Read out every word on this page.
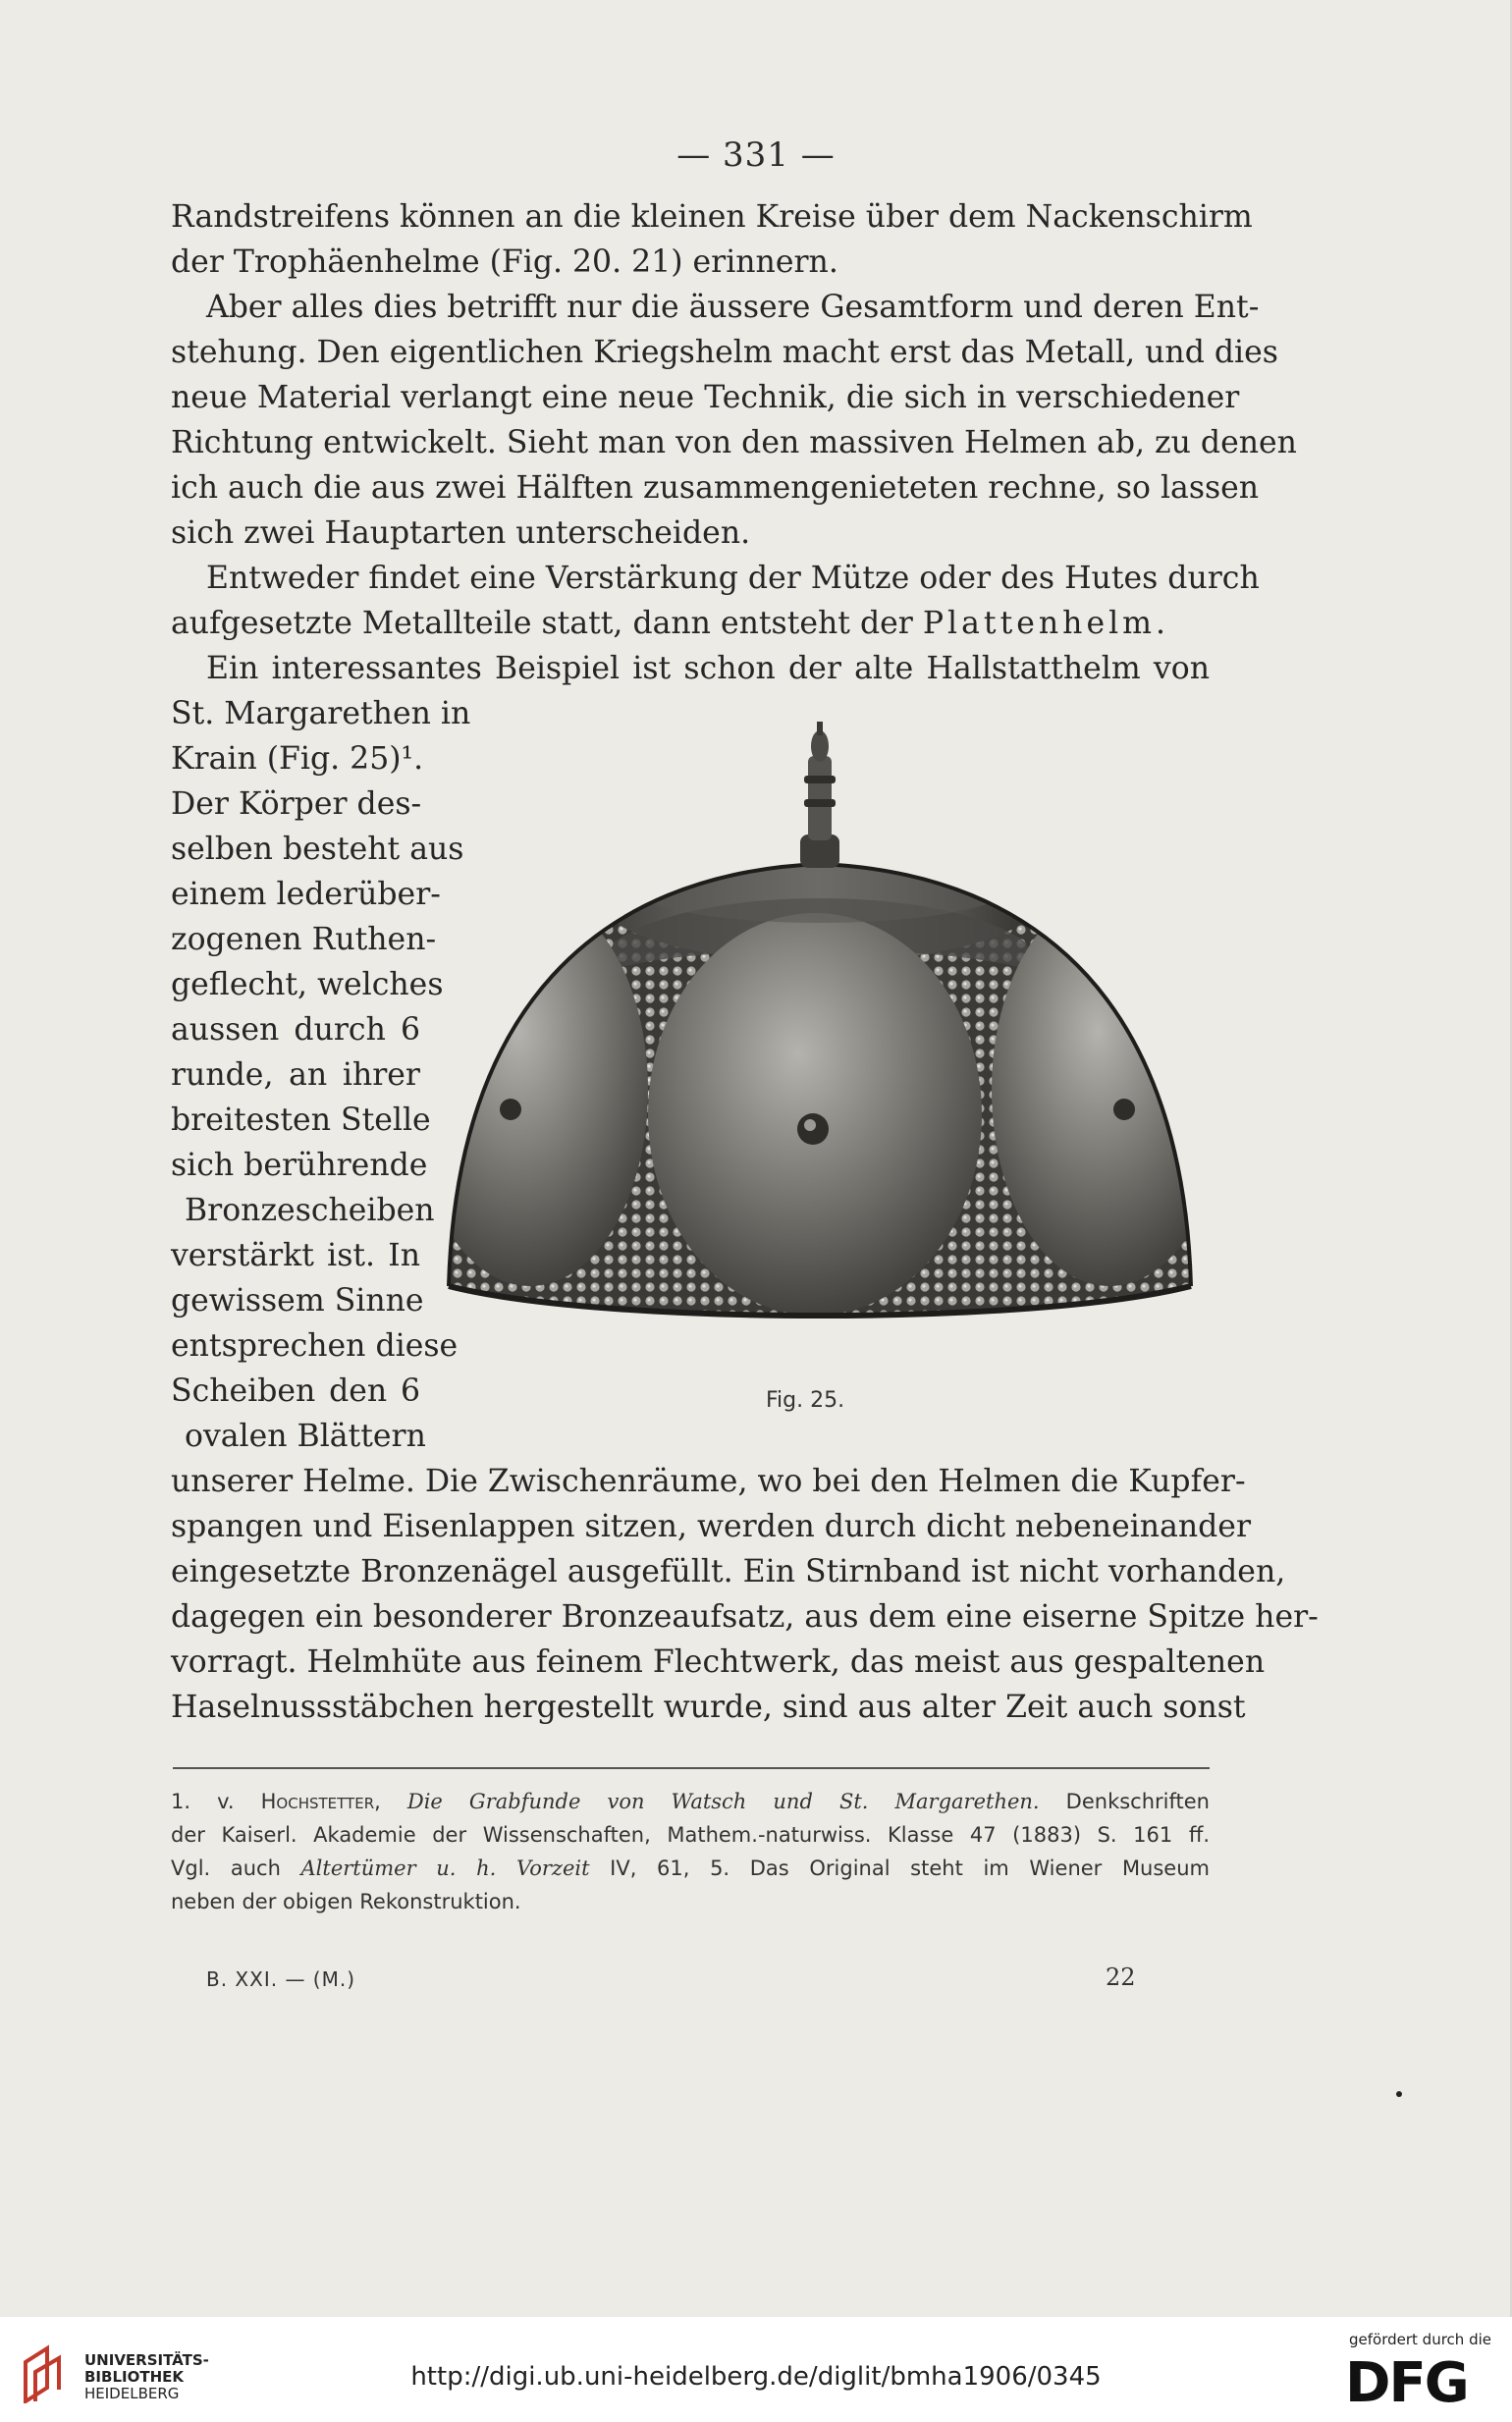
— 331 —
Randstreifens können an die kleinen Kreise über dem Nackenschirm
der Trophäenhelme (Fig. 20. 21) erinnern.
Aber alles dies betrifft nur die äussere Gesamtform und deren Ent-
stehung. Den eigentlichen Kriegshelm macht erst das Metall, und dies
neue Material verlangt eine neue Technik, die sich in verschiedener
Richtung entwickelt. Sieht man von den massiven Helmen ab, zu denen
ich auch die aus zwei Hälften zusammengenieteten rechne, so lassen
sich zwei Hauptarten unterscheiden.
Entweder findet eine Verstärkung der Mütze oder des Hutes durch
aufgesetzte Metallteile statt, dann entsteht der Plattenhelm.
Ein interessantes Beispiel ist schon der alte Hallstatthelm von
St. Margarethen in
Krain (Fig. 25)¹.
Der Körper des-
selben besteht aus
einem lederüber-
zogenen Ruthen-
geflecht, welches
aussen durch 6
runde, an ihrer
breitesten Stelle
sich berührende
Bronzescheiben
verstärkt ist. In
gewissem Sinne
entsprechen diese
Scheiben den 6
ovalen Blättern
unserer Helme. Die Zwischenräume, wo bei den Helmen die Kupfer-
spangen und Eisenlappen sitzen, werden durch dicht nebeneinander
eingesetzte Bronzenägel ausgefüllt. Ein Stirnband ist nicht vorhanden,
dagegen ein besonderer Bronzeaufsatz, aus dem eine eiserne Spitze her-
vorragt. Helmhüte aus feinem Flechtwerk, das meist aus gespaltenen
Haselnussstäbchen hergestellt wurde, sind aus alter Zeit auch sonst
Fig. 25.
1. v. Hochstetter, Die Grabfunde von Watsch und St. Margarethen. Denkschriften
der Kaiserl. Akademie der Wissenschaften, Mathem.-naturwiss. Klasse 47 (1883) S. 161 ff.
Vgl. auch Altertümer u. h. Vorzeit IV, 61, 5. Das Original steht im Wiener Museum
neben der obigen Rekonstruktion.
B. XXI. — (M.)	22
UNIVERSITÄTS-
BIBLIOTHEK
HEIDELBERG
http://digi.ub.uni-heidelberg.de/diglit/bmha1906/0345
gefördert durch die
DFG
